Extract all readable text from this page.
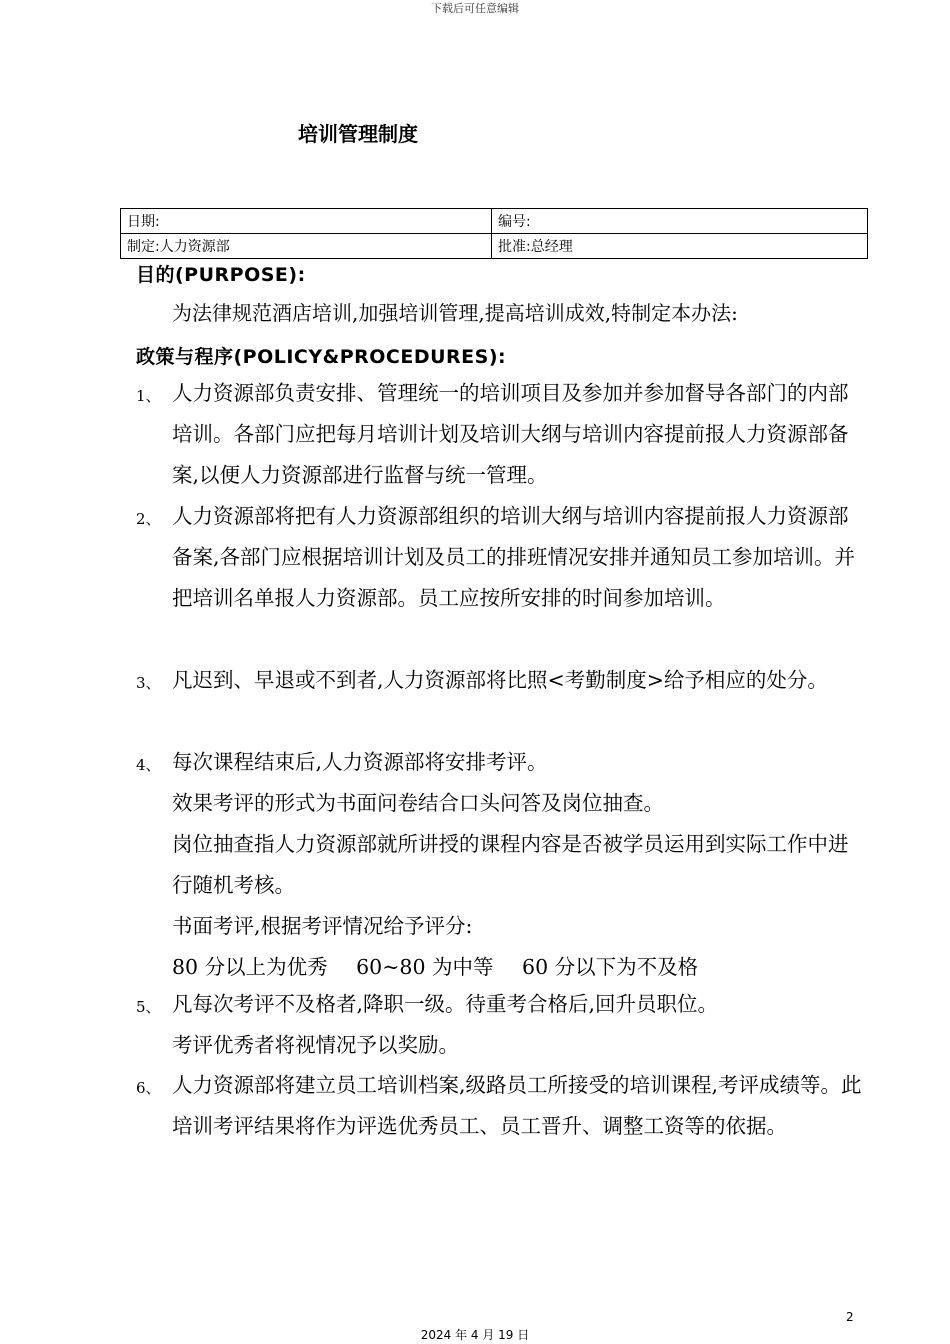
下载后可任意编辑
培训管理制度
日期:	编号:
制定:人力资源部	批准:总经理
目的(PURPOSE):
为法律规范酒店培训,加强培训管理,提高培训成效,特制定本办法:
政策与程序(POLICY&PROCEDURES):
1、 人力资源部负责安排、管理统一的培训项目及参加并参加督导各部门的内部培训。各部门应把每月培训计划及培训大纲与培训内容提前报人力资源部备案,以便人力资源部进行监督与统一管理。
2、 人力资源部将把有人力资源部组织的培训大纲与培训内容提前报人力资源部备案,各部门应根据培训计划及员工的排班情况安排并通知员工参加培训。并把培训名单报人力资源部。员工应按所安排的时间参加培训。
3、 凡迟到、早退或不到者,人力资源部将比照<考勤制度>给予相应的处分。
4、 每次课程结束后,人力资源部将安排考评。
效果考评的形式为书面问卷结合口头问答及岗位抽查。
岗位抽查指人力资源部就所讲授的课程内容是否被学员运用到实际工作中进行随机考核。
书面考评,根据考评情况给予评分:
80 分以上为优秀 60~80 为中等 60 分以下为不及格
5、 凡每次考评不及格者,降职一级。待重考合格后,回升员职位。
考评优秀者将视情况予以奖励。
6、 人力资源部将建立员工培训档案,级路员工所接受的培训课程,考评成绩等。此培训考评结果将作为评选优秀员工、员工晋升、调整工资等的依据。
2
2024 年 4 月 19 日
